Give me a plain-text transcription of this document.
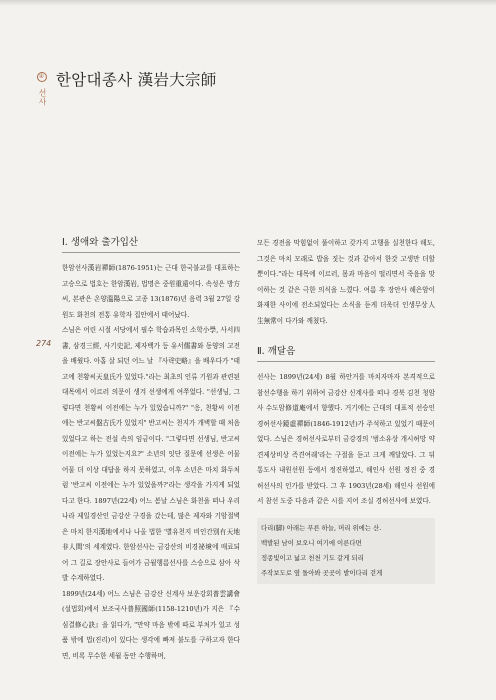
④ 선사
한암대종사 漢岩大宗師
274
Ⅰ. 생애와 출가입산

한암선사漢岩禪師(1876-1951)는 근대 한국불교를 대표하는 고승으로 법호는 한암漢岩, 법명은 중원重遠이다. 속성은 방方씨, 본관은 온양溫陽으로 고종 13(1876)년 음력 3월 27일 강원도 화천의 전통 유학자 집안에서 태어났다.

스님은 어린 시절 서당에서 필수 학습과목인 소학小學, 사서四書, 삼경三經, 사기史記, 제자백가 등 유서儒書와 동양의 고전을 배웠다. 아홉 살 되던 어느 날 『사략史略』을 배우다가 "태고에 천황씨天皇氏가 있었다."라는 최초의 인류 기원과 관련된 대목에서 이르러 의문이 생겨 선생에게 여쭈었다. "선생님, 그렇다면 천황씨 이전에는 누가 있었습니까?" "응, 천황씨 이전에는 반고씨盤古氏가 있었지" 반고씨는 천지가 개벽할 때 처음 있었다고 하는 전설 속의 임금이다. "그렇다면 선생님, 반고씨 이전에는 누가 있었는지요?" 소년의 잇단 질문에 선생은 어물어물 더 이상 대답을 하지 못하였고, 이후 소년은 마치 화두처럼 '반고씨 이전에는 누가 있었을까?'라는 생각을 가지게 되었다고 한다. 1897년(22세) 어느 봄날 스님은 화천을 떠나 우리나라 제일경산인 금강산 구경을 갔는데, 많은 제자와 기암절벽은 마치 한지漢地에서나 나올 법한 '별유천지 비인간別有天地非人間'의 세계였다. 한암선사는 금강산의 비경祕境에 매료되어 그 길로 장안사로 들어가 금월행름선사를 스승으로 삼아 삭발 수계하였다.

1899년(24세) 어느 스님은 금강산 신계사 보운강회普雲講會(설법회)에서 보조국사普照國師(1158-1210년)가 지은 『수심결修心訣』을 읽다가, "만약 마음 밖에 따로 부처가 있고 성품 밖에 법(진리)이 있다는 생각에 빠져 불도를 구하고자 한다면, 비록 무수한 세월 동안 수행하며,

모든 경전을 막힘없이 풀이하고 갖가지 고행을 실천한다 해도, 그것은 마치 모래로 밥을 짓는 것과 같아서 한갓 고생만 더할 뿐이다."라는 대목에 이르러, 몸과 마음이 떨리면서 죽음을 맞이하는 것 같은 극한 의식을 느꼈다. 여름 후 장안사 해은암이 화재한 사이에 전소되었다는 소식을 듣게 더욱더 인생무상人生無常이 다가와 깨쳤다.

Ⅱ. 깨달음

선사는 1899년(24세) 8월 하안거를 마치자마자 본격적으로 참선수행을 하기 위하여 금강산 신계사를 떠나 경북 김천 청암사 수도암修道庵에서 향했다. 거기에는 근대의 대표적 선승인 경허선사鏡虛禪師(1846-1912년)가 주석하고 있었기 때문이었다. 스님은 경허선사로부터 금강경의 '범소유상 개시허망 약견제상비상 즉견여래'라는 구절을 듣고 크게 깨달았다. 그 뒤 통도사 내원선원 등에서 정진하였고, 해인사 선원 정진 중 경허선사의 인가를 받았다. 그 후 1903년(28세) 해인사 선원에서 참선 도중 다음과 같은 시를 지어 조실 경허선사에 보였다.

다리(脚) 아래는 푸른 하늘, 머리 위에는 산.
백발된 남이 보오니 여기에 이른다면
정종빛이고 넓고 천천 기도 같게 되리
주작보도로 옆 돌아봐 곳곳이 밭이다리 걷게
